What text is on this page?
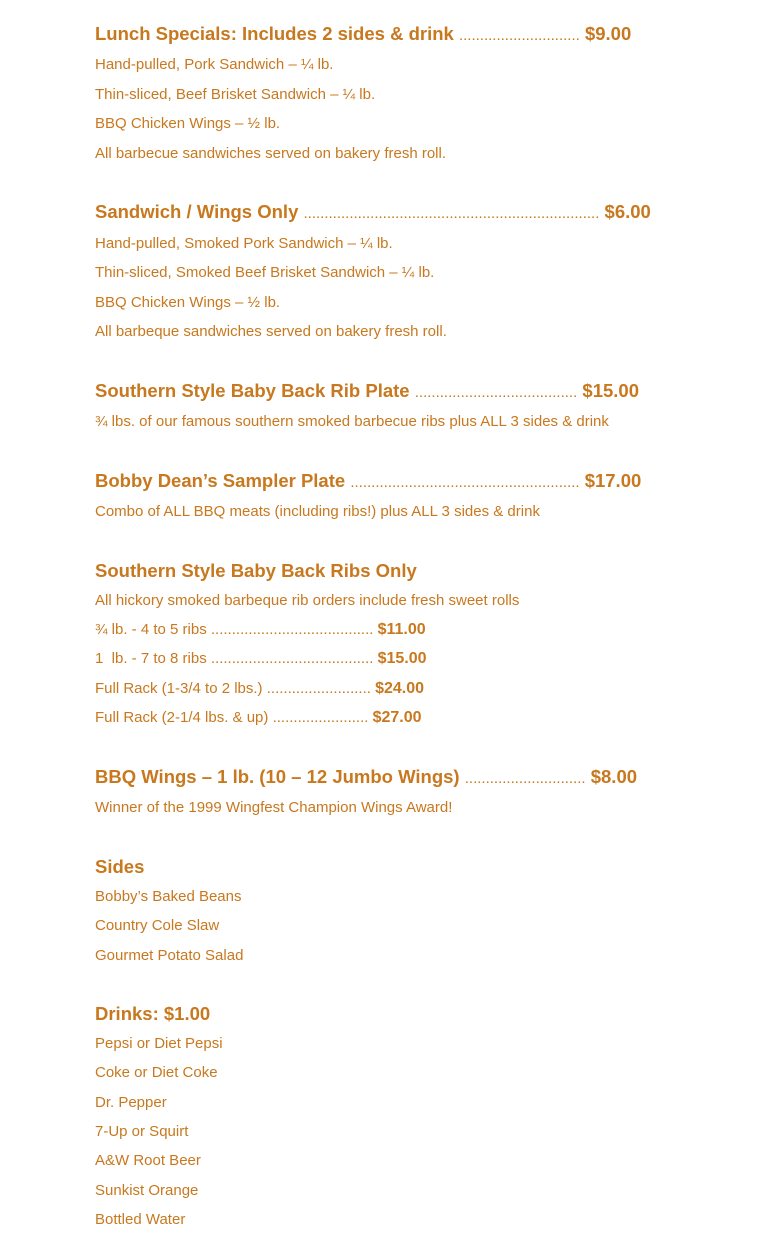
Lunch Specials: Includes 2 sides & drink ............................. $9.00
Hand-pulled, Pork Sandwich – ¼ lb.
Thin-sliced, Beef Brisket Sandwich – ¼ lb.
BBQ Chicken Wings – ½ lb.
All barbecue sandwiches served on bakery fresh roll.
Sandwich / Wings Only ....................................................................... $6.00
Hand-pulled, Smoked Pork Sandwich – ¼ lb.
Thin-sliced, Smoked Beef Brisket Sandwich – ¼ lb.
BBQ Chicken Wings – ½ lb.
All barbeque sandwiches served on bakery fresh roll.
Southern Style Baby Back Rib Plate ....................................... $15.00
¾ lbs. of our famous southern smoked barbecue ribs plus ALL 3 sides & drink
Bobby Dean’s Sampler Plate ....................................................... $17.00
Combo of ALL BBQ meats (including ribs!) plus ALL 3 sides & drink
Southern Style Baby Back Ribs Only
All hickory smoked barbeque rib orders include fresh sweet rolls
¾ lb. - 4 to 5 ribs ....................................... $11.00
1  lb. - 7 to 8 ribs ....................................... $15.00
Full Rack (1-3/4 to 2 lbs.) ......................... $24.00
Full Rack (2-1/4 lbs. & up) ....................... $27.00
BBQ Wings – 1 lb. (10 – 12 Jumbo Wings) ............................. $8.00
Winner of the 1999 Wingfest Champion Wings Award!
Sides
Bobby’s Baked Beans
Country Cole Slaw
Gourmet Potato Salad
Drinks: $1.00
Pepsi or Diet Pepsi
Coke or Diet Coke
Dr. Pepper
7-Up or Squirt
A&W Root Beer
Sunkist Orange
Bottled Water
